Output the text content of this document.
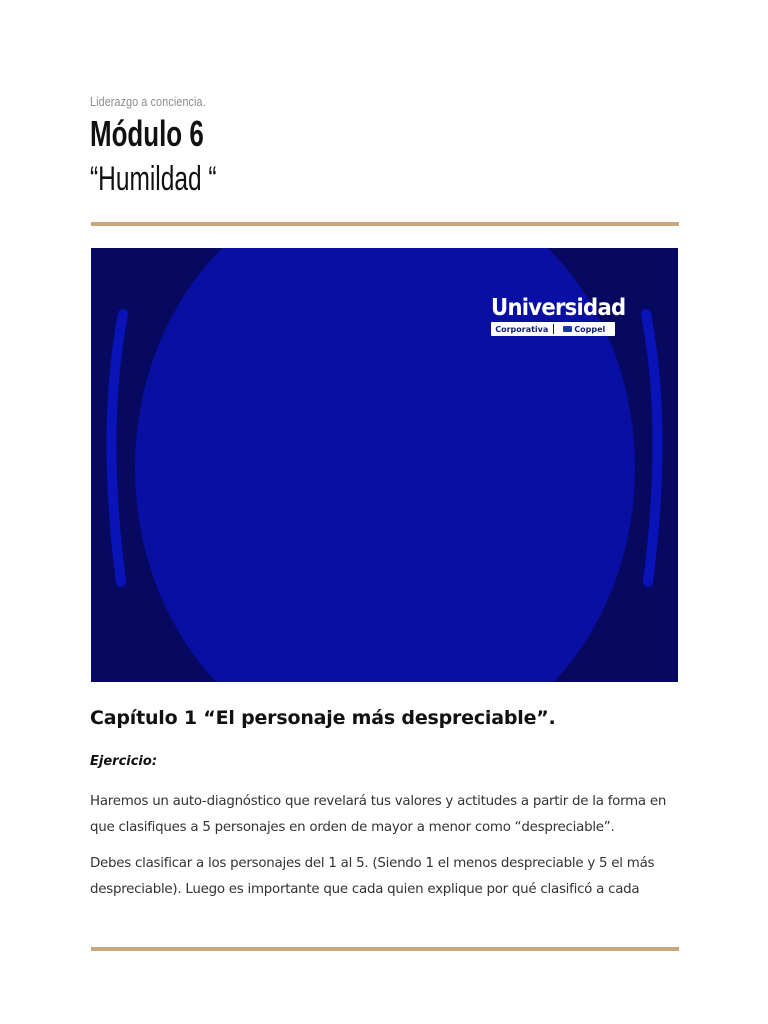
Liderazgo a conciencia.
Módulo 6
“Humildad “
Universidad
Corporativa	Coppel
Capítulo 1 “El personaje más despreciable”.
Ejercicio:
Haremos un auto-diagnóstico que revelará tus valores y actitudes a partir de la forma en que clasifiques a 5 personajes en orden de mayor a menor como “despreciable”.
Debes clasificar a los personajes del 1 al 5. (Siendo 1 el menos despreciable y 5 el más despreciable). Luego es importante que cada quien explique por qué clasificó a cada
